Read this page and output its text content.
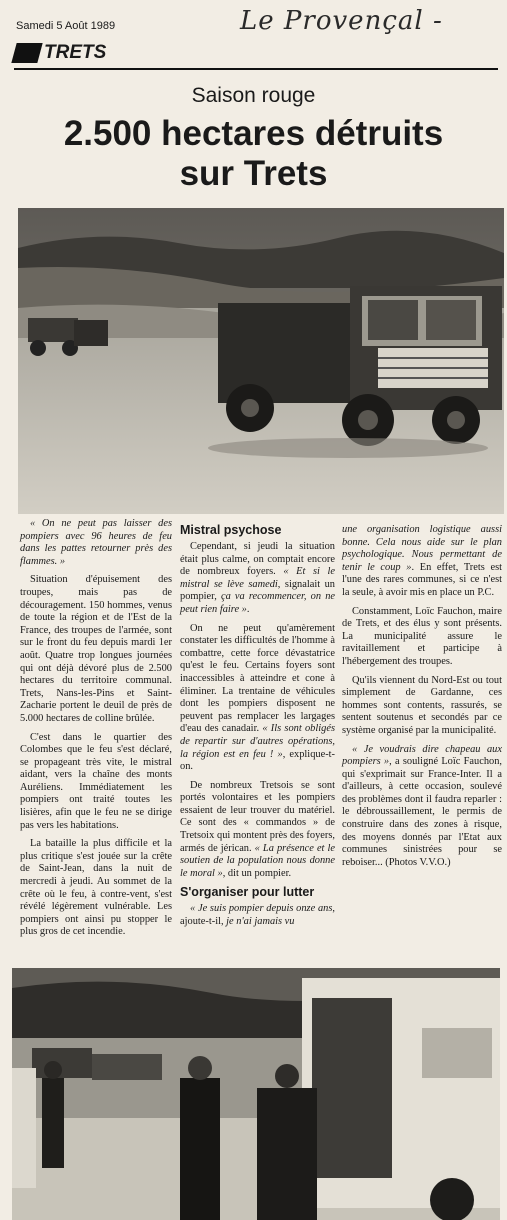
Samedi 5 Août 1989	Le Provençal -
TRETS
Saison rouge
2.500 hectares détruits
sur Trets

« On ne peut pas laisser des pompiers avec 96 heures de feu dans les pattes retourner près des flammes. »

Situation d'épuisement des troupes, mais pas de découragement. 150 hommes, venus de toute la région et de l'Est de la France, des troupes de l'armée, sont sur le front du feu depuis mardi 1er août. Quatre trop longues journées qui ont déjà dévoré plus de 2.500 hectares du territoire communal. Trets, Nans-les-Pins et Saint-Zacharie portent le deuil de près de 5.000 hectares de colline brûlée.

C'est dans le quartier des Colombes que le feu s'est déclaré, se propageant très vite, le mistral aidant, vers la chaîne des monts Auréliens. Immédiatement les pompiers ont traité toutes les lisières, afin que le feu ne se dirige pas vers les habitations.

La bataille la plus difficile et la plus critique s'est jouée sur la crête de Saint-Jean, dans la nuit de mercredi à jeudi. Au sommet de la crête où le feu, à contre-vent, s'est révélé légèrement vulnérable. Les pompiers ont ainsi pu stopper le plus gros de cet incendie.

Mistral psychose

Cependant, si jeudi la situation était plus calme, on comptait encore de nombreux foyers. « Et si le mistral se lève samedi, signalait un pompier, ça va recommencer, on ne peut rien faire ».

On ne peut qu'amèrement constater les difficultés de l'homme à combattre, cette force dévastatrice qu'est le feu. Certains foyers sont inaccessibles à atteindre et cone à éliminer. La trentaine de véhicules dont les pompiers disposent ne peuvent pas remplacer les largages d'eau des canadair. « Ils sont obligés de repartir sur d'autres opérations, la région est en feu ! », explique-t-on.

De nombreux Tretsois se sont portés volontaires et les pompiers essaient de leur trouver du matériel. Ce sont des « commandos » de Tretsoix qui montent près des foyers, armés de jérican. « La présence et le soutien de la population nous donne le moral », dit un pompier.

S'organiser pour lutter

« Je suis pompier depuis onze ans, ajoute-t-il, je n'ai jamais vu

une organisation logistique aussi bonne. Cela nous aide sur le plan psychologique. Nous permettant de tenir le coup ». En effet, Trets est l'une des rares communes, si ce n'est la seule, à avoir mis en place un P.C.

Constamment, Loïc Fauchon, maire de Trets, et des élus y sont présents. La municipalité assure le ravitaillement et participe à l'hébergement des troupes.

Qu'ils viennent du Nord-Est ou tout simplement de Gardanne, ces hommes sont contents, rassurés, se sentent soutenus et secondés par ce système organisé par la municipalité.

« Je voudrais dire chapeau aux pompiers », a souligné Loïc Fauchon, qui s'exprimait sur France-Inter. Il a d'ailleurs, à cette occasion, soulevé des problèmes dont il faudra reparler : le débroussaillement, le permis de construire dans des zones à risque, des moyens donnés par l'Etat aux communes sinistrées pour se reboiser... (Photos V.V.O.)
